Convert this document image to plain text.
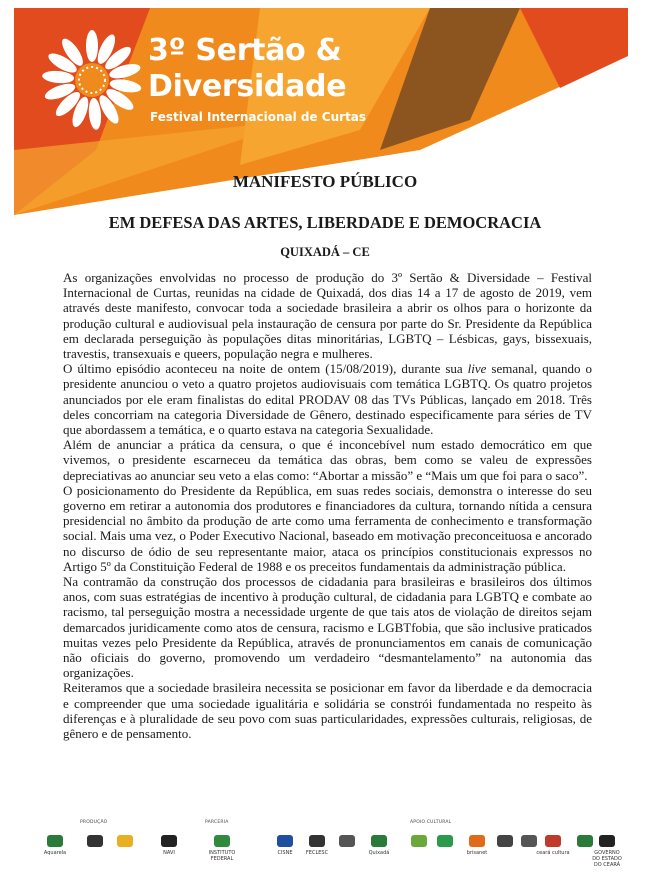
3º Sertão &
Diversidade
Festival Internacional de Curtas
MANIFESTO PÚBLICO
EM DEFESA DAS ARTES, LIBERDADE E DEMOCRACIA
QUIXADÁ – CE

As organizações envolvidas no processo de produção do 3º Sertão & Diversidade – Festival Internacional de Curtas, reunidas na cidade de Quixadá, dos dias 14 a 17 de agosto de 2019, vem através deste manifesto, convocar toda a sociedade brasileira a abrir os olhos para o horizonte da produção cultural e audiovisual pela instauração de censura por parte do Sr. Presidente da República em declarada perseguição às populações ditas minoritárias, LGBTQ – Lésbicas, gays, bissexuais, travestis, transexuais e queers, população negra e mulheres.

O último episódio aconteceu na noite de ontem (15/08/2019), durante sua live semanal, quando o presidente anunciou o veto a quatro projetos audiovisuais com temática LGBTQ. Os quatro projetos anunciados por ele eram finalistas do edital PRODAV 08 das TVs Públicas, lançado em 2018. Três deles concorriam na categoria Diversidade de Gênero, destinado especificamente para séries de TV que abordassem a temática, e o quarto estava na categoria Sexualidade.

Além de anunciar a prática da censura, o que é inconcebível num estado democrático em que vivemos, o presidente escarneceu da temática das obras, bem como se valeu de expressões depreciativas ao anunciar seu veto a elas como: “Abortar a missão” e “Mais um que foi para o saco”.

O posicionamento do Presidente da República, em suas redes sociais, demonstra o interesse do seu governo em retirar a autonomia dos produtores e financiadores da cultura, tornando nítida a censura presidencial no âmbito da produção de arte como uma ferramenta de conhecimento e transformação social. Mais uma vez, o Poder Executivo Nacional, baseado em motivação preconceituosa e ancorado no discurso de ódio de seu representante maior, ataca os princípios constitucionais expressos no Artigo 5º da Constituição Federal de 1988 e os preceitos fundamentais da administração pública.

Na contramão da construção dos processos de cidadania para brasileiras e brasileiros dos últimos anos, com suas estratégias de incentivo à produção cultural, de cidadania para LGBTQ e combate ao racismo, tal perseguição mostra a necessidade urgente de que tais atos de violação de direitos sejam demarcados juridicamente como atos de censura, racismo e LGBTfobia, que são inclusive praticados muitas vezes pelo Presidente da República, através de pronunciamentos em canais de comunicação não oficiais do governo, promovendo um verdadeiro “desmantelamento” na autonomia das organizações.

Reiteramos que a sociedade brasileira necessita se posicionar em favor da liberdade e da democracia e compreender que uma sociedade igualitária e solidária se constrói fundamentada no respeito às diferenças e à pluralidade de seu povo com suas particularidades, expressões culturais, religiosas, de gênero e de pensamento.

PRODUÇÃO	PARCERIA	APOIO CULTURAL
Aquarela	NAVI	INSTITUTO FEDERAL
CISNE	FECLESC	Quixadá	brisanet	ceará cultura	GOVERNO DO ESTADO DO CEARÁ
